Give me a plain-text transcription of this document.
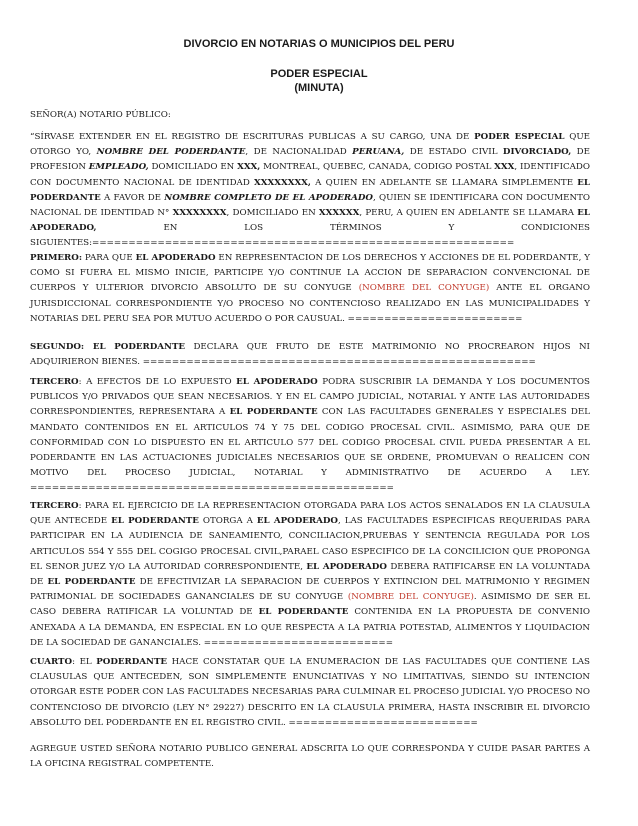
DIVORCIO EN NOTARIAS O MUNICIPIOS DEL PERU
PODER ESPECIAL
(MINUTA)
SEÑOR(A) NOTARIO PÚBLICO:

“SÍRVASE EXTENDER EN EL REGISTRO DE ESCRITURAS PUBLICAS A SU CARGO, UNA DE PODER ESPECIAL QUE OTORGO YO, NOMBRE DEL PODERDANTE, DE NACIONALIDAD PERUANA, DE ESTADO CIVIL DIVORCIADO, DE PROFESION EMPLEADO, DOMICILIADO EN XXX, MONTREAL, QUEBEC, CANADA, CODIGO POSTAL XXX, IDENTIFICADO CON DOCUMENTO NACIONAL DE IDENTIDAD XXXXXXXX, A QUIEN EN ADELANTE SE LLAMARA SIMPLEMENTE EL PODERDANTE A FAVOR DE NOMBRE COMPLETO DE EL APODERADO, QUIEN SE IDENTIFICARA CON DOCUMENTO NACIONAL DE IDENTIDAD N° XXXXXXXX, DOMICILIADO EN XXXXXX, PERU, A QUIEN EN ADELANTE SE LLAMARA EL APODERADO, EN LOS TÉRMINOS Y CONDICIONES SIGUIENTES:==========================================================

PRIMERO: PARA QUE EL APODERADO EN REPRESENTACION DE LOS DERECHOS Y ACCIONES DE EL PODERDANTE, Y COMO SI FUERA EL MISMO INICIE, PARTICIPE Y/O CONTINUE LA ACCION DE SEPARACION CONVENCIONAL DE CUERPOS Y ULTERIOR DIVORCIO ABSOLUTO DE SU CONYUGE (NOMBRE DEL CONYUGE) ANTE EL ORGANO JURISDICCIONAL CORRESPONDIENTE Y/O PROCESO NO CONTENCIOSO REALIZADO EN LAS MUNICIPALIDADES Y NOTARIAS DEL PERU SEA POR MUTUO ACUERDO O POR CAUSUAL. ========================

SEGUNDO: EL PODERDANTE DECLARA QUE FRUTO DE ESTE MATRIMONIO NO PROCREARON HIJOS NI ADQUIRIERON BIENES. ======================================================

TERCERO: A EFECTOS DE LO EXPUESTO EL APODERADO PODRA SUSCRIBIR LA DEMANDA Y LOS DOCUMENTOS PUBLICOS Y/O PRIVADOS QUE SEAN NECESARIOS. Y EN EL CAMPO JUDICIAL, NOTARIAL Y ANTE LAS AUTORIDADES CORRESPONDIENTES, REPRESENTARA A EL PODERDANTE CON LAS FACULTADES GENERALES Y ESPECIALES DEL MANDATO CONTENIDOS EN EL ARTICULOS 74 Y 75 DEL CODIGO PROCESAL CIVIL. ASIMISMO, PARA QUE DE CONFORMIDAD CON LO DISPUESTO EN EL ARTICULO 577 DEL CODIGO PROCESAL CIVIL PUEDA PRESENTAR A EL PODERDANTE EN LAS ACTUACIONES JUDICIALES NECESARIOS QUE SE ORDENE, PROMUEVAN O REALICEN CON MOTIVO DEL PROCESO JUDICIAL, NOTARIAL Y ADMINISTRATIVO DE ACUERDO A LEY. ==================================================

TERCERO: PARA EL EJERCICIO DE LA REPRESENTACION OTORGADA PARA LOS ACTOS SENALADOS EN LA CLAUSULA QUE ANTECEDE EL PODERDANTE OTORGA A EL APODERADO, LAS FACULTADES ESPECIFICAS REQUERIDAS PARA PARTICIPAR EN LA AUDIENCIA DE SANEAMIENTO, CONCILIACION,PRUEBAS Y SENTENCIA REGULADA POR LOS ARTICULOS 554 Y 555 DEL COGIGO PROCESAL CIVIL,PARAEL CASO ESPECIFICO DE LA CONCILICION QUE PROPONGA EL SENOR JUEZ Y/O LA AUTORIDAD CORRESPONDIENTE, EL APODERADO DEBERA RATIFICARSE EN LA VOLUNTADA DE EL PODERDANTE DE EFECTIVIZAR LA SEPARACION DE CUERPOS Y EXTINCION DEL MATRIMONIO Y REGIMEN PATRIMONIAL DE SOCIEDADES GANANCIALES DE SU CONYUGE (NOMBRE DEL CONYUGE). ASIMISMO DE SER EL CASO DEBERA RATIFICAR LA VOLUNTAD DE EL PODERDANTE CONTENIDA EN LA PROPUESTA DE CONVENIO ANEXADA A LA DEMANDA, EN ESPECIAL EN LO QUE RESPECTA A LA PATRIA POTESTAD, ALIMENTOS Y LIQUIDACION DE LA SOCIEDAD DE GANANCIALES. ==========================

CUARTO: EL PODERDANTE HACE CONSTATAR QUE LA ENUMERACION DE LAS FACULTADES QUE CONTIENE LAS CLAUSULAS QUE ANTECEDEN, SON SIMPLEMENTE ENUNCIATIVAS Y NO LIMITATIVAS, SIENDO SU INTENCION OTORGAR ESTE PODER CON LAS FACULTADES NECESARIAS PARA CULMINAR EL PROCESO JUDICIAL Y/O PROCESO NO CONTENCIOSO DE DIVORCIO (LEY N° 29227) DESCRITO EN LA CLAUSULA PRIMERA, HASTA INSCRIBIR EL DIVORCIO ABSOLUTO DEL PODERDANTE EN EL REGISTRO CIVIL. ==========================

AGREGUE USTED SEÑORA NOTARIO PUBLICO GENERAL ADSCRITA LO QUE CORRESPONDA Y CUIDE PASAR PARTES A LA OFICINA REGISTRAL COMPETENTE.
